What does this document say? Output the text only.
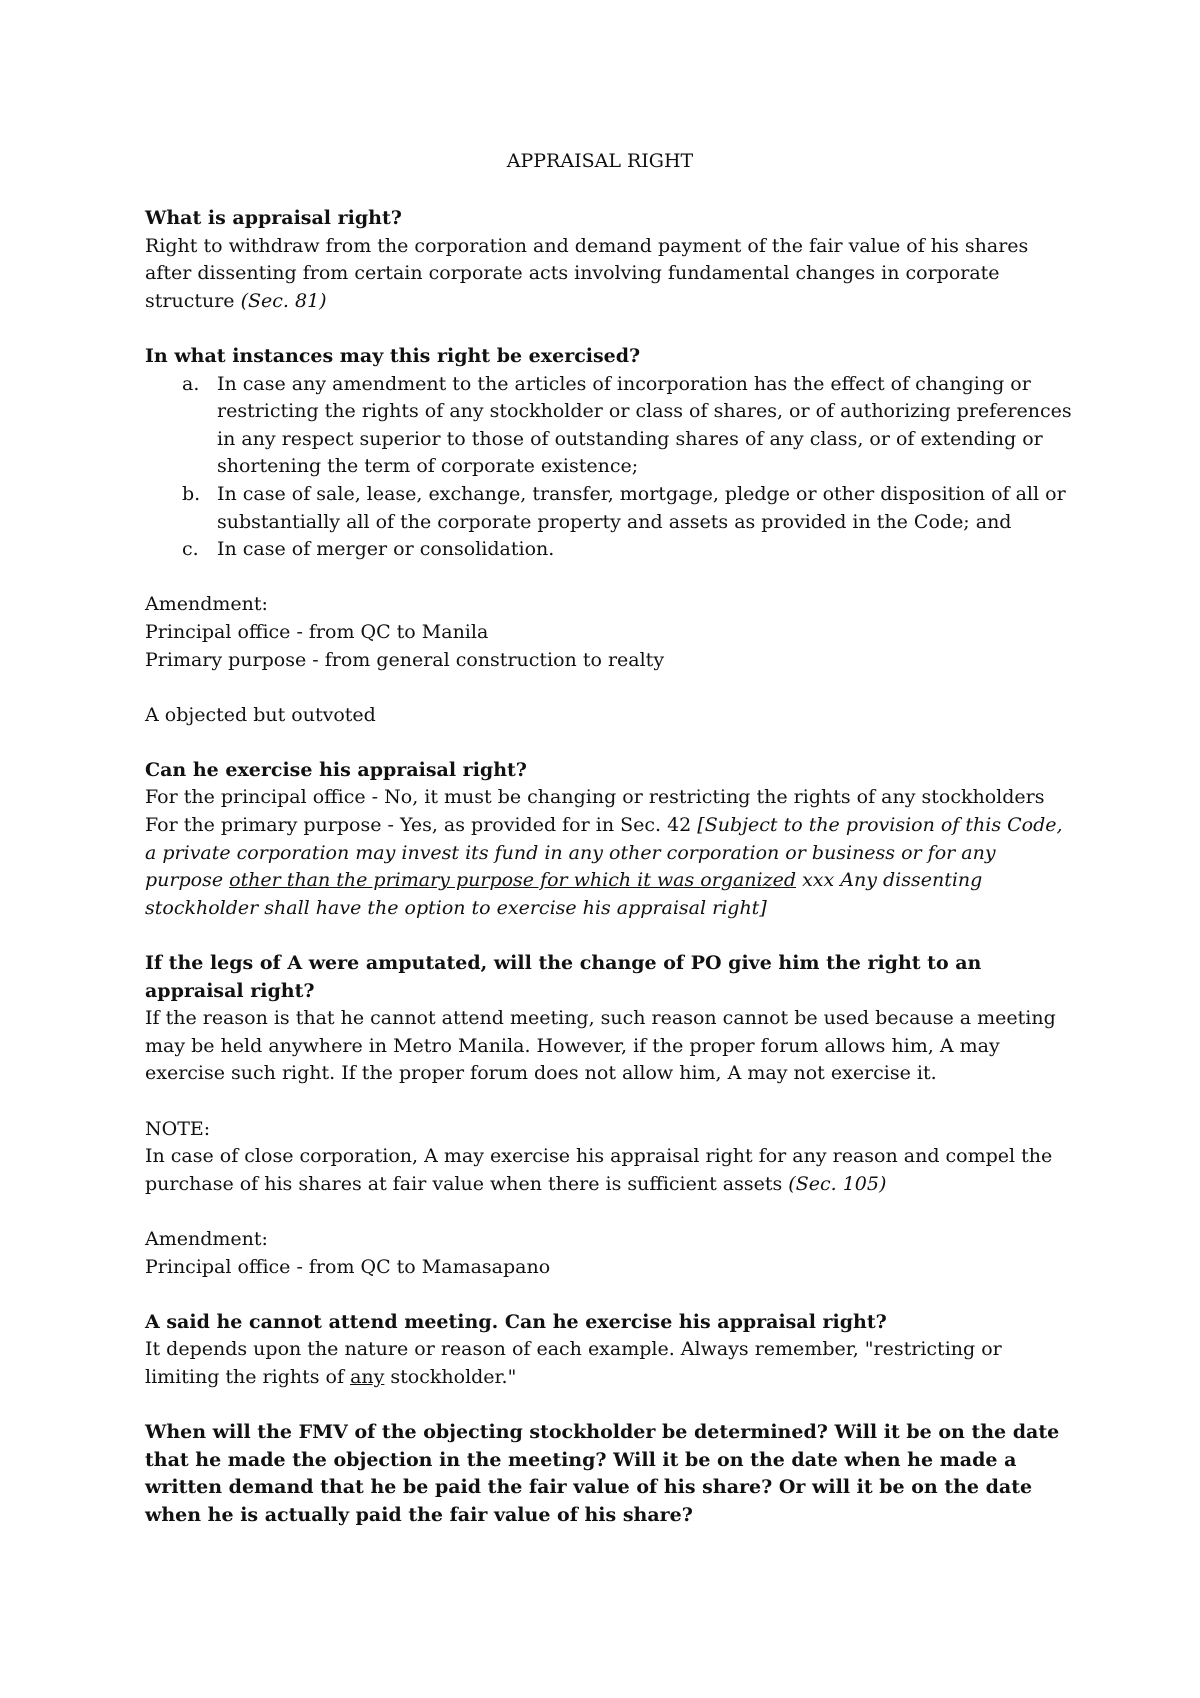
APPRAISAL RIGHT

What is appraisal right?

Right to withdraw from the corporation and demand payment of the fair value of his shares after dissenting from certain corporate acts involving fundamental changes in corporate structure (Sec. 81)

In what instances may this right be exercised?

a. In case any amendment to the articles of incorporation has the effect of changing or restricting the rights of any stockholder or class of shares, or of authorizing preferences in any respect superior to those of outstanding shares of any class, or of extending or shortening the term of corporate existence;
b. In case of sale, lease, exchange, transfer, mortgage, pledge or other disposition of all or substantially all of the corporate property and assets as provided in the Code; and
c. In case of merger or consolidation.

Amendment:

Principal office - from QC to Manila

Primary purpose - from general construction to realty

A objected but outvoted

Can he exercise his appraisal right?

For the principal office - No, it must be changing or restricting the rights of any stockholders

For the primary purpose - Yes, as provided for in Sec. 42 [Subject to the provision of this Code, a private corporation may invest its fund in any other corporation or business or for any purpose other than the primary purpose for which it was organized xxx Any dissenting stockholder shall have the option to exercise his appraisal right]

If the legs of A were amputated, will the change of PO give him the right to an appraisal right?

If the reason is that he cannot attend meeting, such reason cannot be used because a meeting may be held anywhere in Metro Manila. However, if the proper forum allows him, A may exercise such right. If the proper forum does not allow him, A may not exercise it.

NOTE:

In case of close corporation, A may exercise his appraisal right for any reason and compel the purchase of his shares at fair value when there is sufficient assets (Sec. 105)

Amendment:

Principal office - from QC to Mamasapano

A said he cannot attend meeting. Can he exercise his appraisal right?

It depends upon the nature or reason of each example. Always remember, "restricting or limiting the rights of any stockholder."

When will the FMV of the objecting stockholder be determined? Will it be on the date that he made the objection in the meeting? Will it be on the date when he made a written demand that he be paid the fair value of his share? Or will it be on the date when he is actually paid the fair value of his share?
